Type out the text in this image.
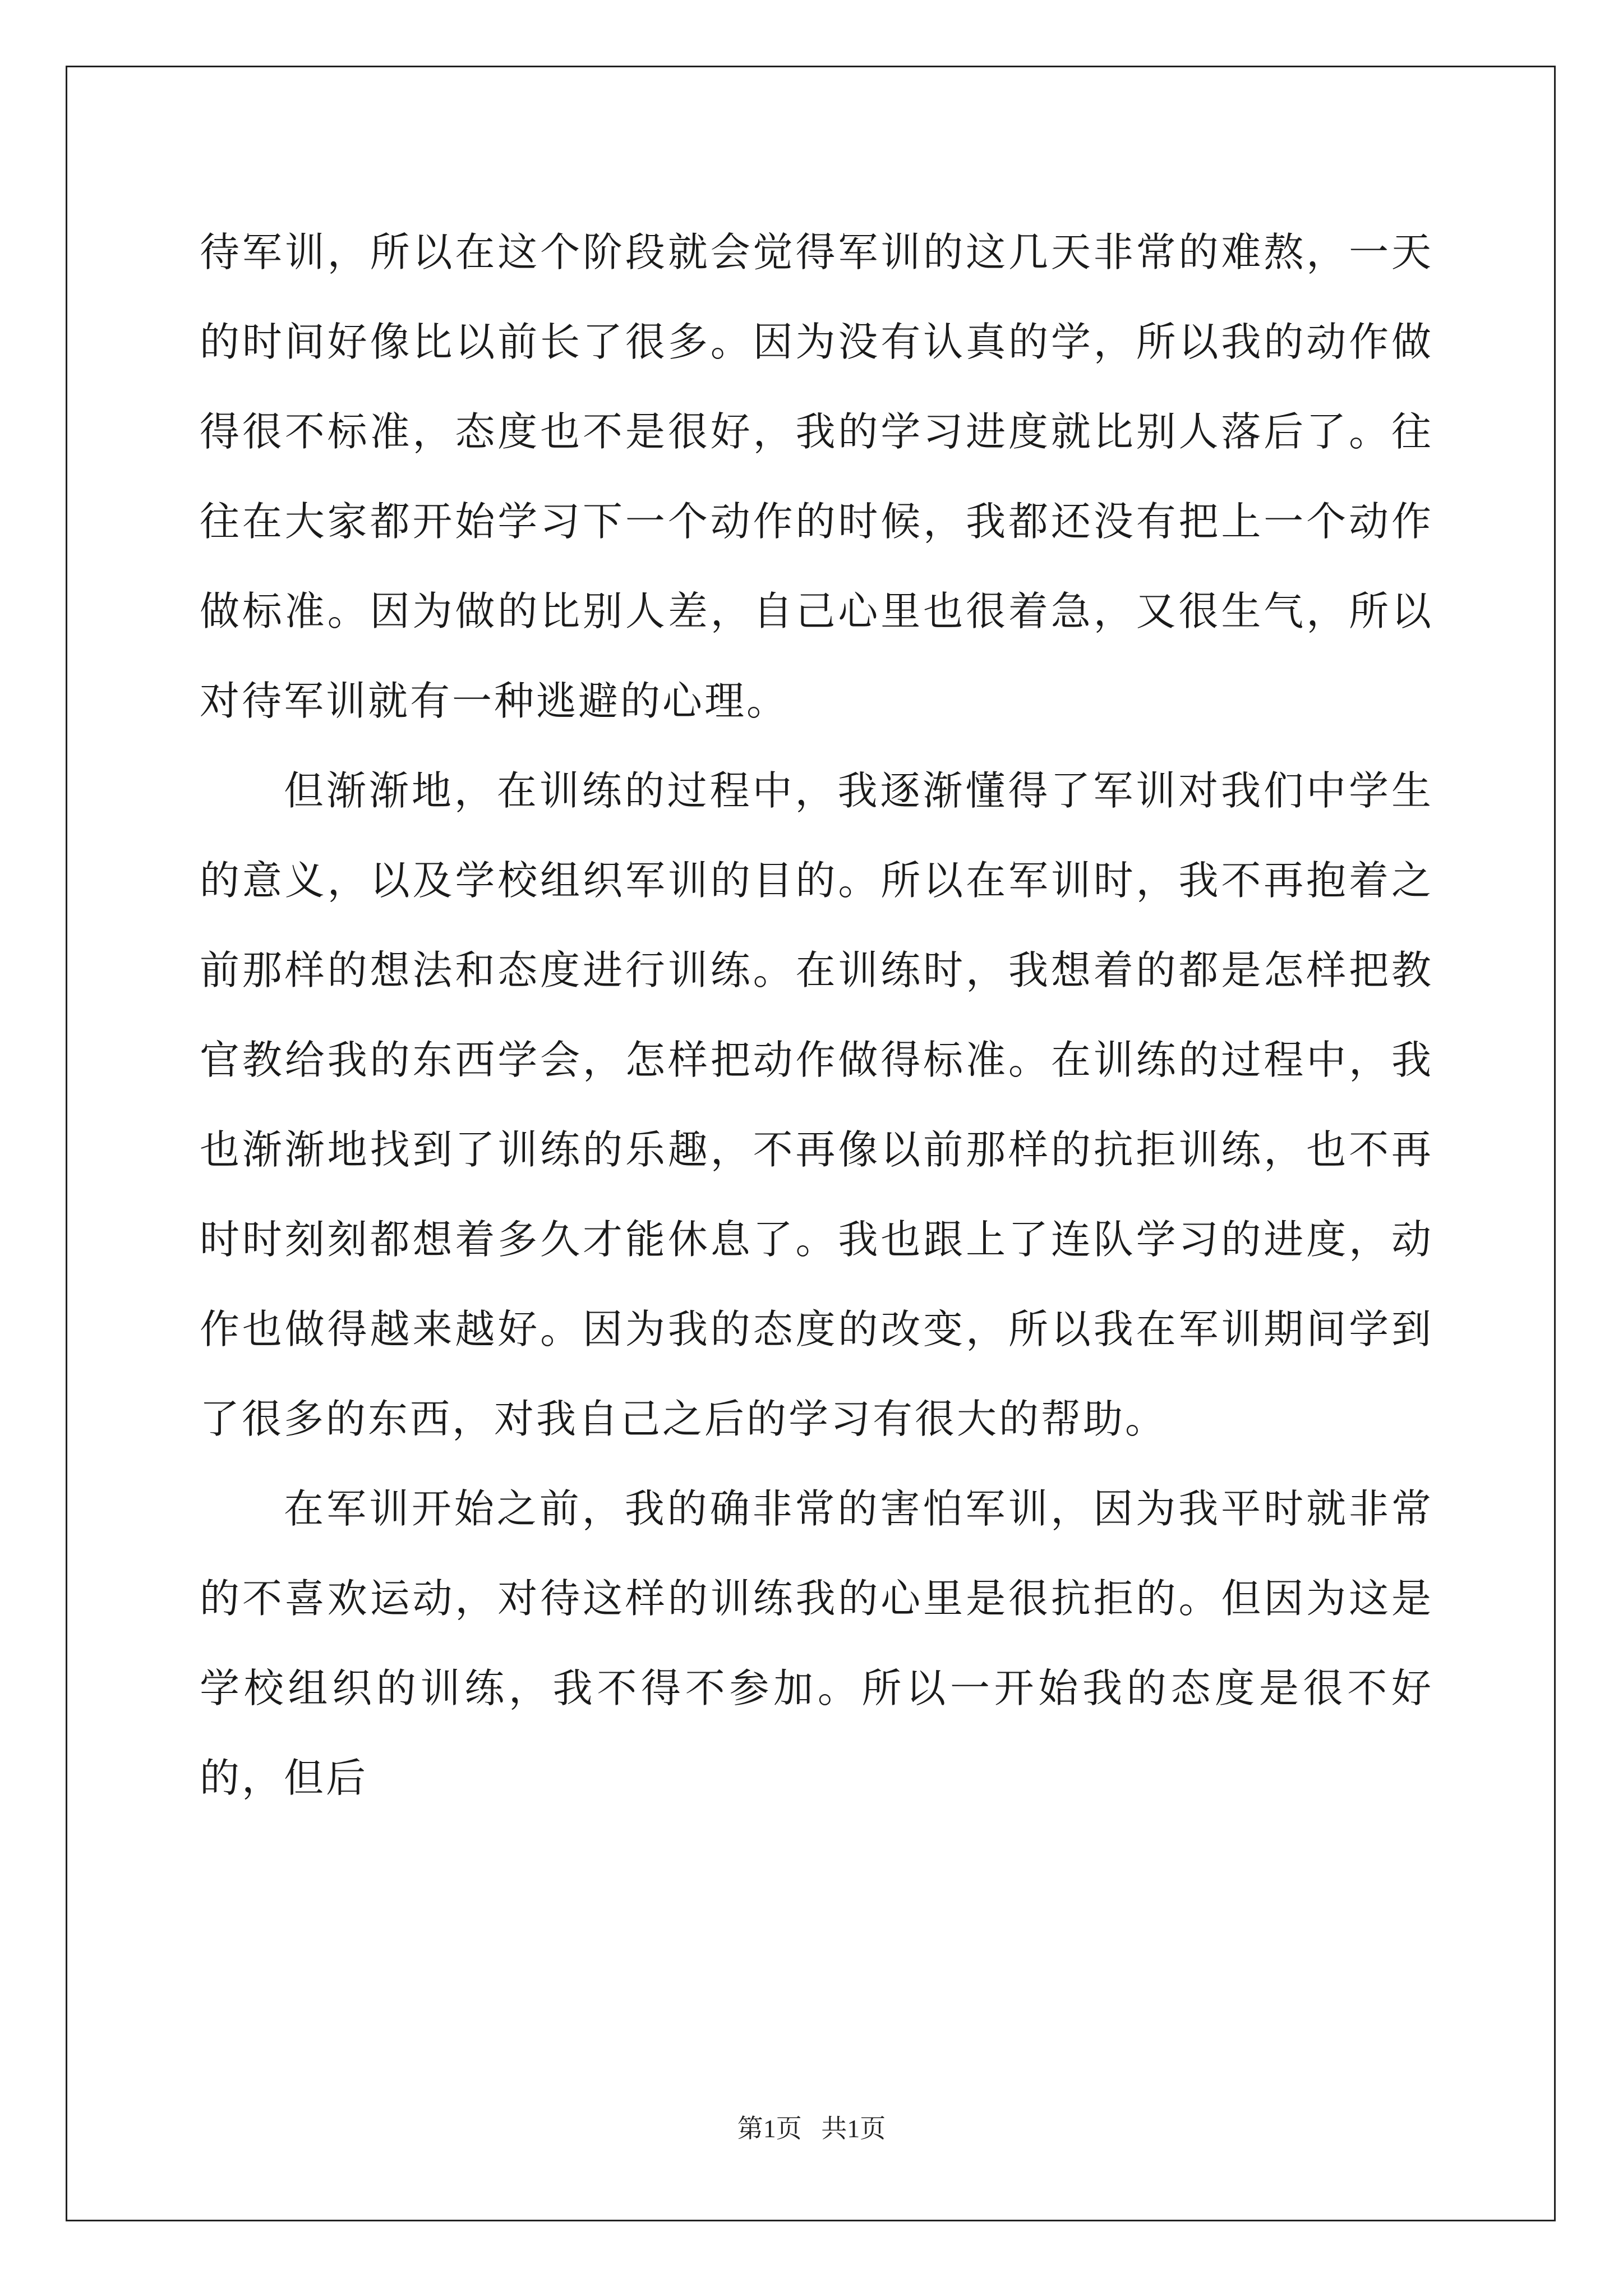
待军训，所以在这个阶段就会觉得军训的这几天非常的难熬，一天的时间好像比以前长了很多。因为没有认真的学，所以我的动作做得很不标准，态度也不是很好，我的学习进度就比别人落后了。往往在大家都开始学习下一个动作的时候，我都还没有把上一个动作做标准。因为做的比别人差，自己心里也很着急，又很生气，所以对待军训就有一种逃避的心理。

但渐渐地，在训练的过程中，我逐渐懂得了军训对我们中学生的意义，以及学校组织军训的目的。所以在军训时，我不再抱着之前那样的想法和态度进行训练。在训练时，我想着的都是怎样把教官教给我的东西学会，怎样把动作做得标准。在训练的过程中，我也渐渐地找到了训练的乐趣，不再像以前那样的抗拒训练，也不再时时刻刻都想着多久才能休息了。我也跟上了连队学习的进度，动作也做得越来越好。因为我的态度的改变，所以我在军训期间学到了很多的东西，对我自己之后的学习有很大的帮助。

在军训开始之前，我的确非常的害怕军训，因为我平时就非常的不喜欢运动，对待这样的训练我的心里是很抗拒的。但因为这是学校组织的训练，我不得不参加。所以一开始我的态度是很不好的，但后

第1页 共1页
